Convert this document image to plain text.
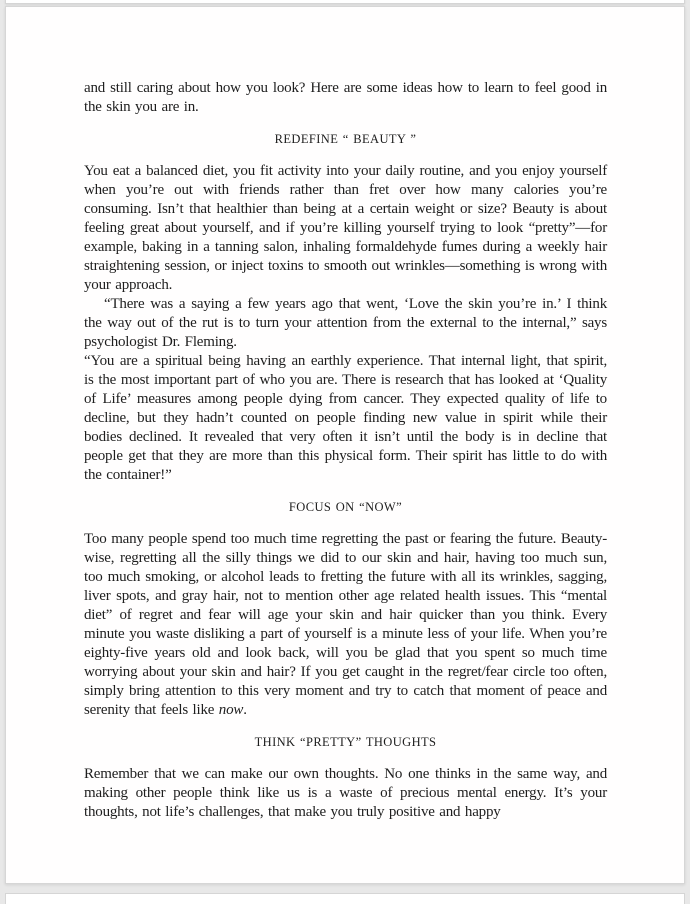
and still caring about how you look? Here are some ideas how to learn to feel good in the skin you are in.

REDEFINE “ BEAUTY ”

You eat a balanced diet, you fit activity into your daily routine, and you enjoy yourself when you’re out with friends rather than fret over how many calories you’re consuming. Isn’t that healthier than being at a certain weight or size? Beauty is about feeling great about yourself, and if you’re killing yourself trying to look “pretty”—for example, baking in a tanning salon, inhaling formaldehyde fumes during a weekly hair straightening session, or inject toxins to smooth out wrinkles—something is wrong with your approach.

“There was a saying a few years ago that went, ‘Love the skin you’re in.’ I think the way out of the rut is to turn your attention from the external to the internal,” says psychologist Dr. Fleming.

“You are a spiritual being having an earthly experience. That internal light, that spirit, is the most important part of who you are. There is research that has looked at ‘Quality of Life’ measures among people dying from cancer. They expected quality of life to decline, but they hadn’t counted on people finding new value in spirit while their bodies declined. It revealed that very often it isn’t until the body is in decline that people get that they are more than this physical form. Their spirit has little to do with the container!”

FOCUS ON “NOW”

Too many people spend too much time regretting the past or fearing the future. Beauty-wise, regretting all the silly things we did to our skin and hair, having too much sun, too much smoking, or alcohol leads to fretting the future with all its wrinkles, sagging, liver spots, and gray hair, not to mention other age related health issues. This “mental diet” of regret and fear will age your skin and hair quicker than you think. Every minute you waste disliking a part of yourself is a minute less of your life. When you’re eighty-five years old and look back, will you be glad that you spent so much time worrying about your skin and hair? If you get caught in the regret/fear circle too often, simply bring attention to this very moment and try to catch that moment of peace and serenity that feels like now.

THINK “PRETTY” THOUGHTS

Remember that we can make our own thoughts. No one thinks in the same way, and making other people think like us is a waste of precious mental energy. It’s your thoughts, not life’s challenges, that make you truly positive and happy
